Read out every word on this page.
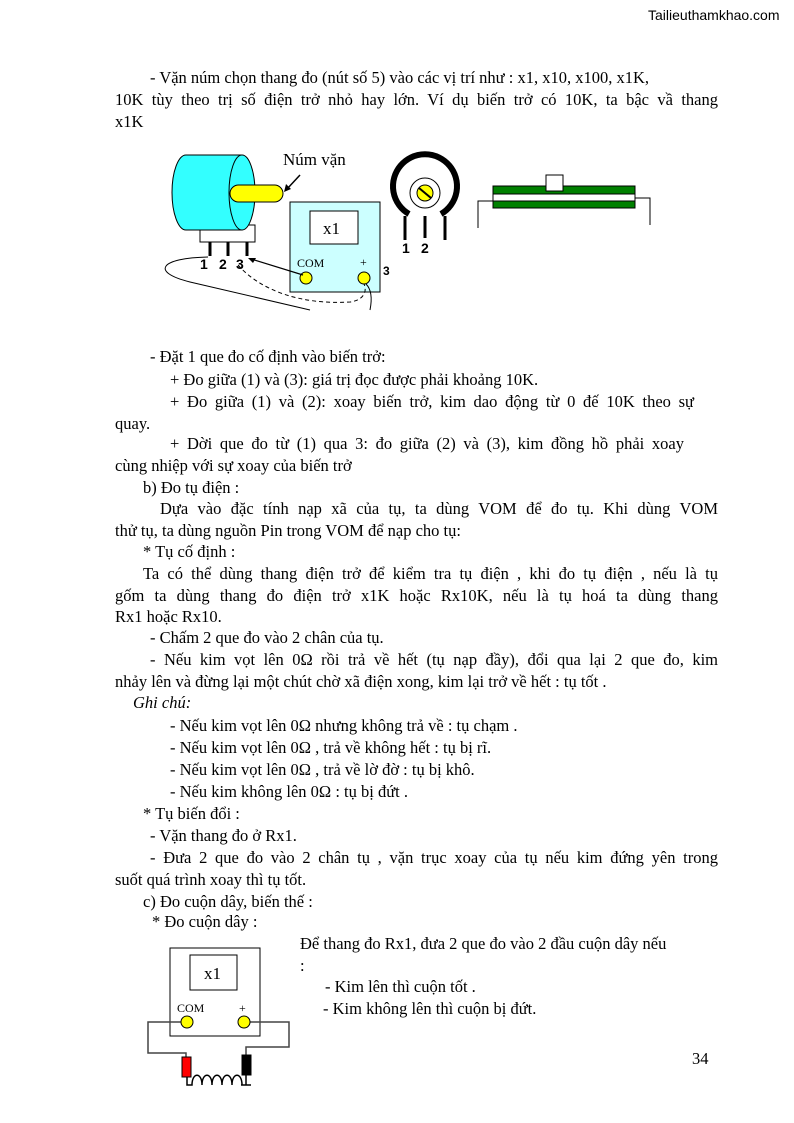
Tailieuthamkhao.com
- Vặn núm chọn thang đo (nút số 5) vào các vị trí như : x1, x10, x100, x1K,
10K tùy theo trị số điện trở nhỏ hay lớn. Ví dụ biến trở có 10K, ta bậc vầ thang
x1K
1 2 3
Núm vặn
x1
COM	+
3
1 2
- Đặt 1 que đo cố định vào biến trở:
+ Đo giữa (1) và (3): giá trị đọc được phải khoảng 10K.
+ Đo giữa (1) và (2): xoay biến trở, kim dao động từ 0 đế 10K theo sự
quay.
+ Dời que đo từ (1) qua 3: đo giữa (2) và (3), kim đồng hồ phải xoay
cùng nhiệp với sự xoay của biến trở
b) Đo tụ điện :
Dựa vào đặc tính nạp xã của tụ, ta dùng VOM để đo tụ. Khi dùng VOM
thử tụ, ta dùng nguồn Pin trong VOM để nạp cho tụ:
* Tụ cố định :
Ta có thể dùng thang điện trở để kiểm tra tụ điện , khi đo tụ điện , nếu là tụ
gốm ta dùng thang đo điện trở x1K hoặc Rx10K, nếu là tụ hoá ta dùng thang
Rx1 hoặc Rx10.
- Chấm 2 que đo vào 2 chân của tụ.
- Nếu kim vọt lên 0Ω rồi trả về hết (tụ nạp đầy), đổi qua lại 2 que đo, kim
nhảy lên và đừng lại một chút chờ xã điện xong, kim lại trở về hết : tụ tốt .
Ghi chú:
- Nếu kim vọt lên 0Ω nhưng không trả về : tụ chạm .
- Nếu kim vọt lên 0Ω , trả về không hết : tụ bị rĩ.
- Nếu kim vọt lên 0Ω , trả về lờ đờ : tụ bị khô.
- Nếu kim không lên 0Ω : tụ bị đứt .
* Tụ biến đổi :
- Vặn thang đo ở Rx1.
- Đưa 2 que đo vào 2 chân tụ , vặn trục xoay của tụ nếu kim đứng yên trong
suốt quá trình xoay thì tụ tốt.
c) Đo cuộn dây, biến thế :
* Đo cuộn dây :
Để thang đo Rx1, đưa 2 que đo vào 2 đầu cuộn dây nếu
:
- Kim lên thì cuộn tốt .
- Kim không lên thì cuộn bị đứt.
x1
COM	+
34
